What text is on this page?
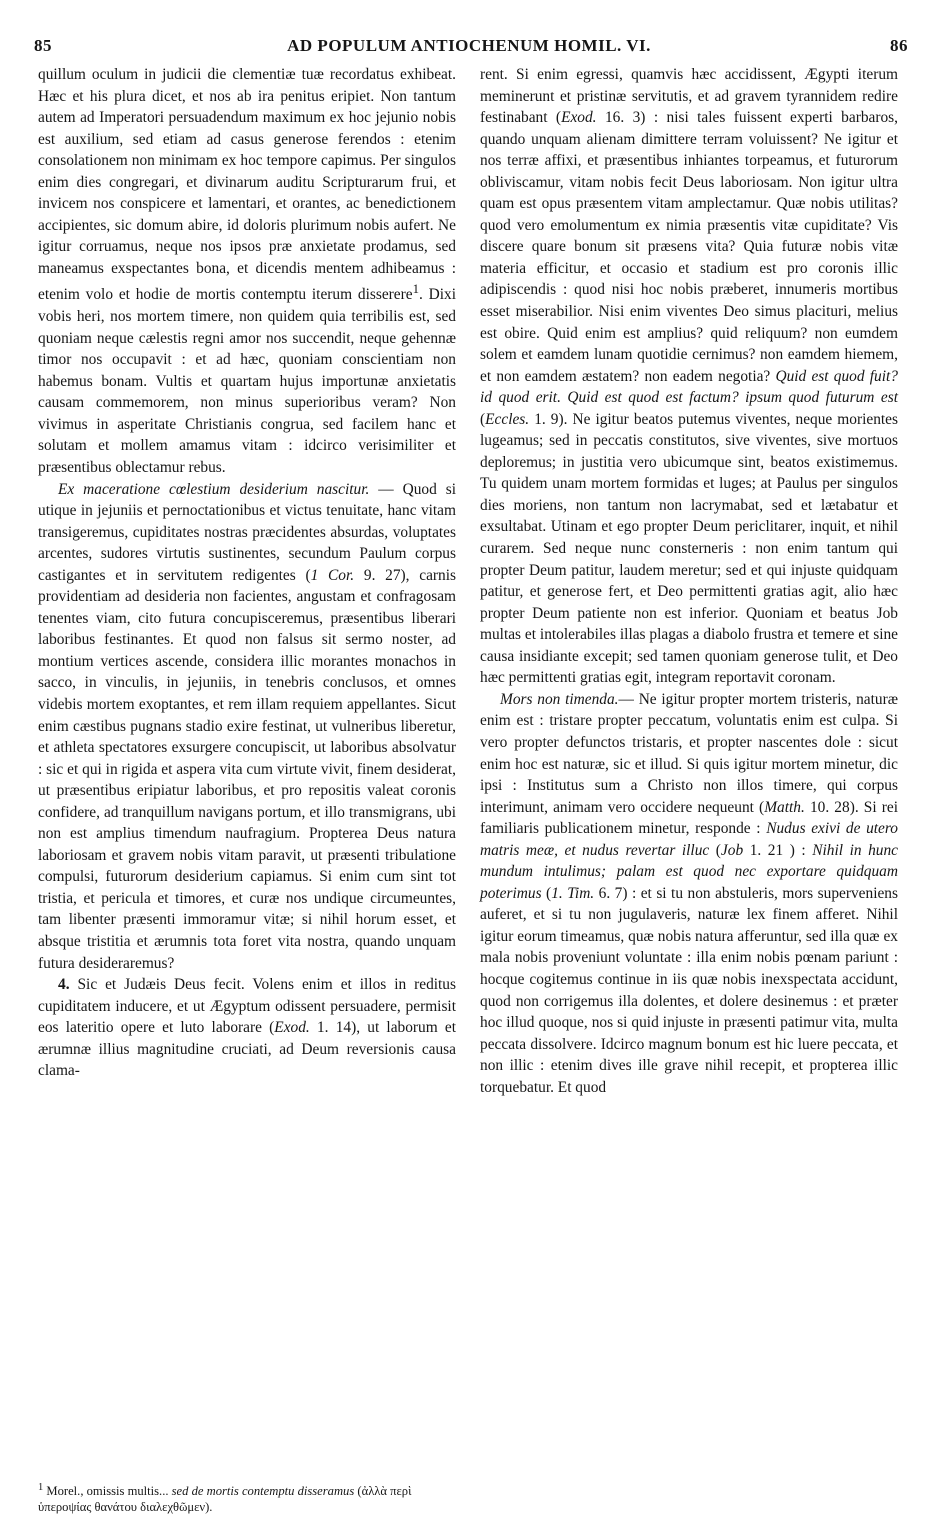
85	AD POPULUM ANTIOCHENUM HOMIL. VI.	86

quillum oculum in judicii die clementiæ tuæ recordatus exhibeat. Hæc et his plura dicet, et nos ab ira penitus eripiet. Non tantum autem ad Imperatori persuadendum maximum ex hoc jejunio nobis est auxilium, sed etiam ad casus generose ferendos : etenim consolationem non minimam ex hoc tempore capimus. Per singulos enim dies congregari, et divinarum auditu Scripturarum frui, et invicem nos conspicere et lamentari, et orantes, ac benedictionem accipientes, sic domum abire, id doloris plurimum nobis aufert. Ne igitur corruamus, neque nos ipsos præ anxietate prodamus, sed maneamus exspectantes bona, et dicendis mentem adhibeamus : etenim volo et hodie de mortis contemptu iterum disserere$^1$. Dixi vobis heri, nos mortem timere, non quidem quia terribilis est, sed quoniam neque cælestis regni amor nos succendit, neque gehennæ timor nos occupavit : et ad hæc, quoniam conscientiam non habemus bonam. Vultis et quartam hujus importunæ anxietatis causam commemorem, non minus superioribus veram? Non vivimus in asperitate Christianis congrua, sed facilem hanc et solutam et mollem amamus vitam : idcirco verisimiliter et præsentibus oblectamur rebus.

Ex maceratione cœlestium desiderium nascitur. — Quod si utique in jejuniis et pernoctationibus et victus tenuitate, hanc vitam transigeremus, cupiditates nostras præcidentes absurdas, voluptates arcentes, sudores virtutis sustinentes, secundum Paulum corpus castigantes et in servitutem redigentes (1 Cor. 9. 27), carnis providentiam ad desideria non facientes, angustam et confragosam tenentes viam, cito futura concupisceremus, præsentibus liberari laboribus festinantes. Et quod non falsus sit sermo noster, ad montium vertices ascende, considera illic morantes monachos in sacco, in vinculis, in jejuniis, in tenebris conclusos, et omnes videbis mortem exoptantes, et rem illam requiem appellantes. Sicut enim cæstibus pugnans stadio exire festinat, ut vulneribus liberetur, et athleta spectatores exsurgere concupiscit, ut laboribus absolvatur : sic et qui in rigida et aspera vita cum virtute vivit, finem desiderat, ut præsentibus eripiatur laboribus, et pro repositis valeat coronis confidere, ad tranquillum navigans portum, et illo transmigrans, ubi non est amplius timendum naufragium. Propterea Deus natura laboriosam et gravem nobis vitam paravit, ut præsenti tribulatione compulsi, futurorum desiderium capiamus. Si enim cum sint tot tristia, et pericula et timores, et curæ nos undique circumeuntes, tam libenter præsenti immoramur vitæ; si nihil horum esset, et absque tristitia et ærumnis tota foret vita nostra, quando unquam futura desideraremus?

4. Sic et Judæis Deus fecit. Volens enim et illos in reditus cupiditatem inducere, et ut Ægyptum odissent persuadere, permisit eos lateritio opere et luto laborare (Exod. 1. 14), ut laborum et ærumnæ illius magnitudine cruciati, ad Deum reversionis causa clama-

rent. Si enim egressi, quamvis hæc accidissent, Ægypti iterum meminerunt et pristinæ servitutis, et ad gravem tyrannidem redire festinabant (Exod. 16. 3) : nisi tales fuissent experti barbaros, quando unquam alienam dimittere terram voluissent? Ne igitur et nos terræ affixi, et præsentibus inhiantes torpeamus, et futurorum obliviscamur, vitam nobis fecit Deus laboriosam. Non igitur ultra quam est opus præsentem vitam amplectamur. Quæ nobis utilitas? quod vero emolumentum ex nimia præsentis vitæ cupiditate? Vis discere quare bonum sit præsens vita? Quia futuræ nobis vitæ materia efficitur, et occasio et stadium est pro coronis illic adipiscendis : quod nisi hoc nobis præberet, innumeris mortibus esset miserabilior. Nisi enim viventes Deo simus placituri, melius est obire. Quid enim est amplius? quid reliquum? non eumdem solem et eamdem lunam quotidie cernimus? non eamdem hiemem, et non eamdem æstatem? non eadem negotia? Quid est quod fuit? id quod erit. Quid est quod est factum? ipsum quod futurum est (Eccles. 1. 9). Ne igitur beatos putemus viventes, neque morientes lugeamus; sed in peccatis constitutos, sive viventes, sive mortuos deploremus; in justitia vero ubicumque sint, beatos existimemus. Tu quidem unam mortem formidas et luges; at Paulus per singulos dies moriens, non tantum non lacrymabat, sed et lætabatur et exsultabat. Utinam et ego propter Deum periclitarer, inquit, et nihil curarem. Sed neque nunc consterneris : non enim tantum qui propter Deum patitur, laudem meretur; sed et qui injuste quidquam patitur, et generose fert, et Deo permittenti gratias agit, alio hæc propter Deum patiente non est inferior. Quoniam et beatus Job multas et intolerabiles illas plagas a diabolo frustra et temere et sine causa insidiante excepit; sed tamen quoniam generose tulit, et Deo hæc permittenti gratias egit, integram reportavit coronam.

Mors non timenda.— Ne igitur propter mortem tristeris, naturæ enim est : tristare propter peccatum, voluntatis enim est culpa. Si vero propter defunctos tristaris, et propter nascentes dole : sicut enim hoc est naturæ, sic et illud. Si quis igitur mortem minetur, dic ipsi : Institutus sum a Christo non illos timere, qui corpus interimunt, animam vero occidere nequeunt (Matth. 10. 28). Si rei familiaris publicationem minetur, responde : Nudus exivi de utero matris meæ, et nudus revertar illuc (Job 1. 21 ) : Nihil in hunc mundum intulimus; palam est quod nec exportare quidquam poterimus (1. Tim. 6. 7) : et si tu non abstuleris, mors superveniens auferet, et si tu non jugulaveris, naturæ lex finem afferet. Nihil igitur eorum timeamus, quæ nobis natura afferuntur, sed illa quæ ex mala nobis proveniunt voluntate : illa enim nobis pœnam pariunt : hocque cogitemus continue in iis quæ nobis inexspectata accidunt, quod non corrigemus illa dolentes, et dolere desinemus : et præter hoc illud quoque, nos si quid injuste in præsenti patimur vita, multa peccata dissolvere. Idcirco magnum bonum est hic luere peccata, et non illic : etenim dives ille grave nihil recepit, et propterea illic torquebatur. Et quod

$^1$ Morel., omissis multis... sed de mortis contemptu disseramus (ἀλλὰ περὶ ὑπεροψίας θανάτου διαλεχθῶμεν).
